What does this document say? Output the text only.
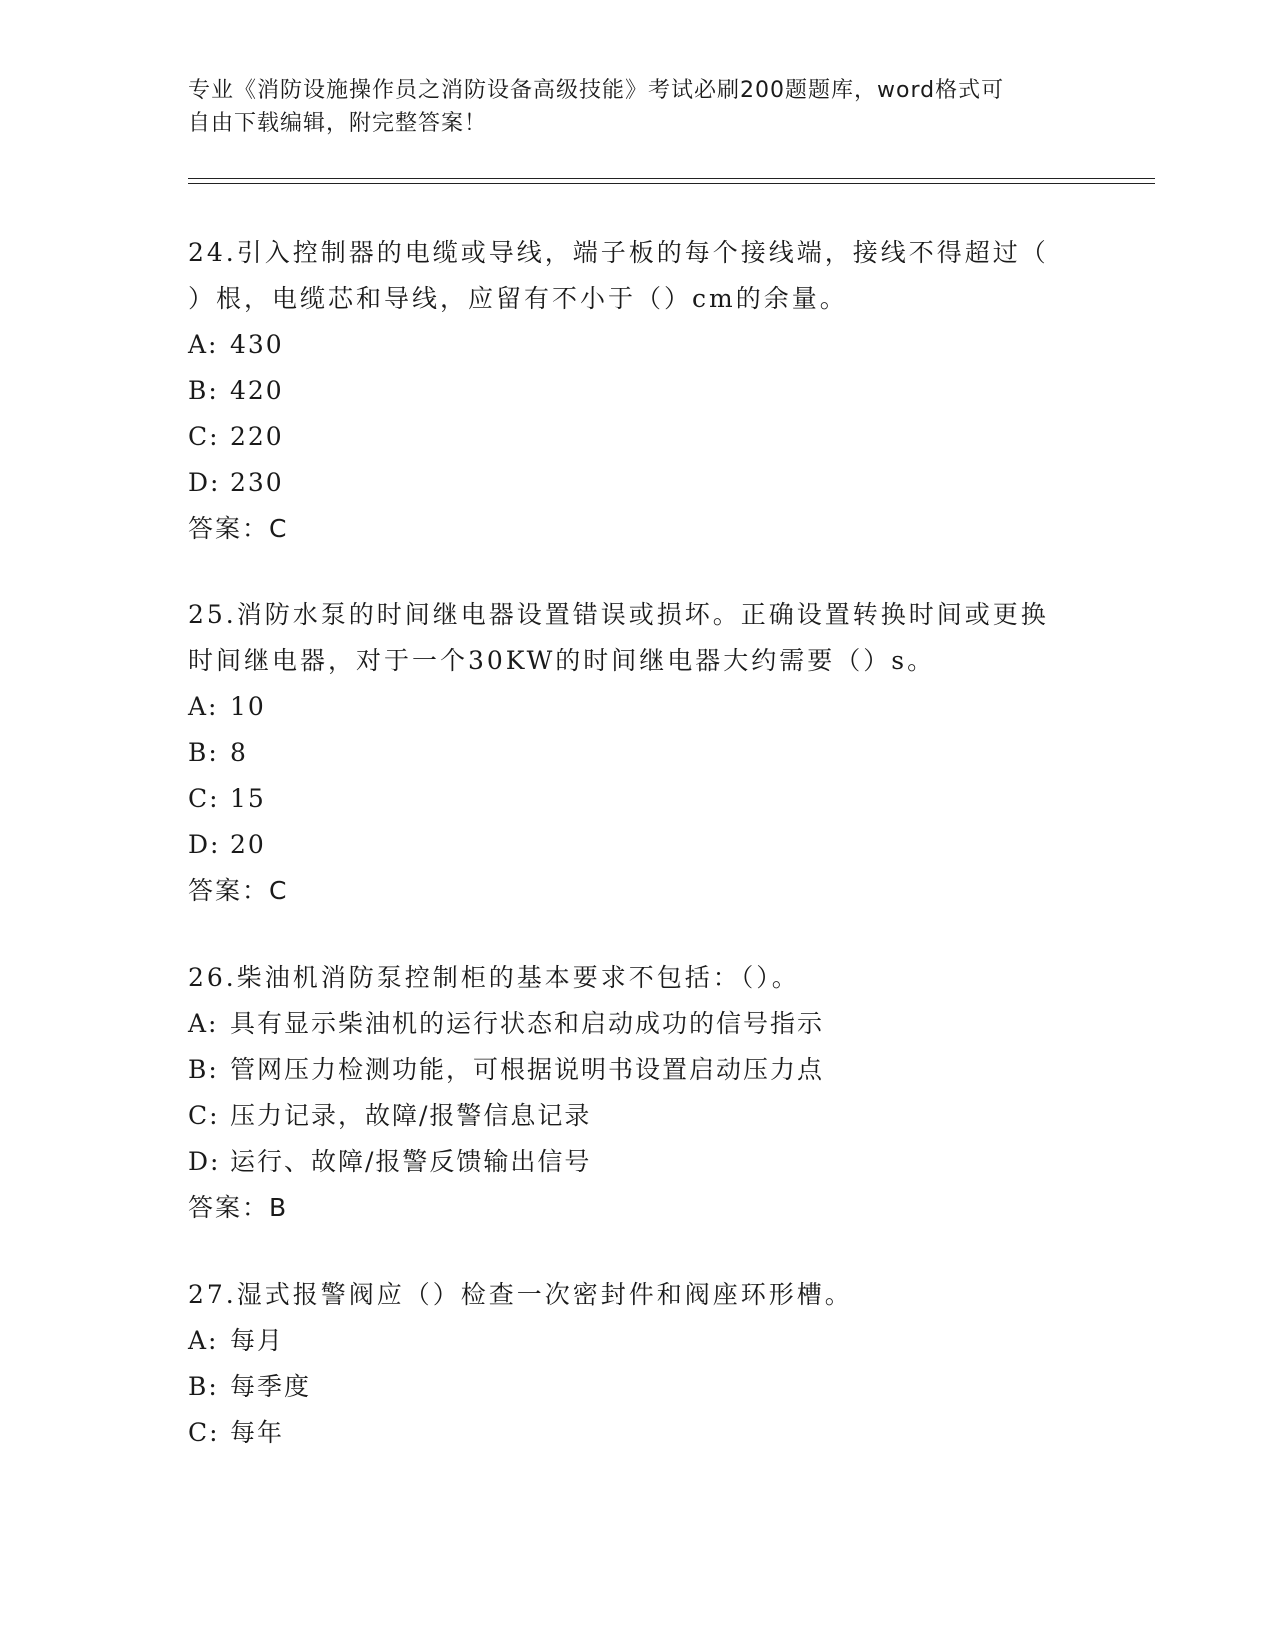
专业《消防设施操作员之消防设备高级技能》考试必刷200题题库，word格式可
自由下载编辑，附完整答案！
24.引入控制器的电缆或导线，端子板的每个接线端，接线不得超过（
）根，电缆芯和导线，应留有不小于（）cm的余量。
A: 430
B: 420
C: 220
D: 230
答案：C
25.消防水泵的时间继电器设置错误或损坏。正确设置转换时间或更换
时间继电器，对于一个30KW的时间继电器大约需要（）s。
A: 10
B: 8
C: 15
D: 20
答案：C
26.柴油机消防泵控制柜的基本要求不包括：（）。
A: 具有显示柴油机的运行状态和启动成功的信号指示
B: 管网压力检测功能，可根据说明书设置启动压力点
C: 压力记录，故障/报警信息记录
D: 运行、故障/报警反馈输出信号
答案：B
27.湿式报警阀应（）检查一次密封件和阀座环形槽。
A: 每月
B: 每季度
C: 每年
